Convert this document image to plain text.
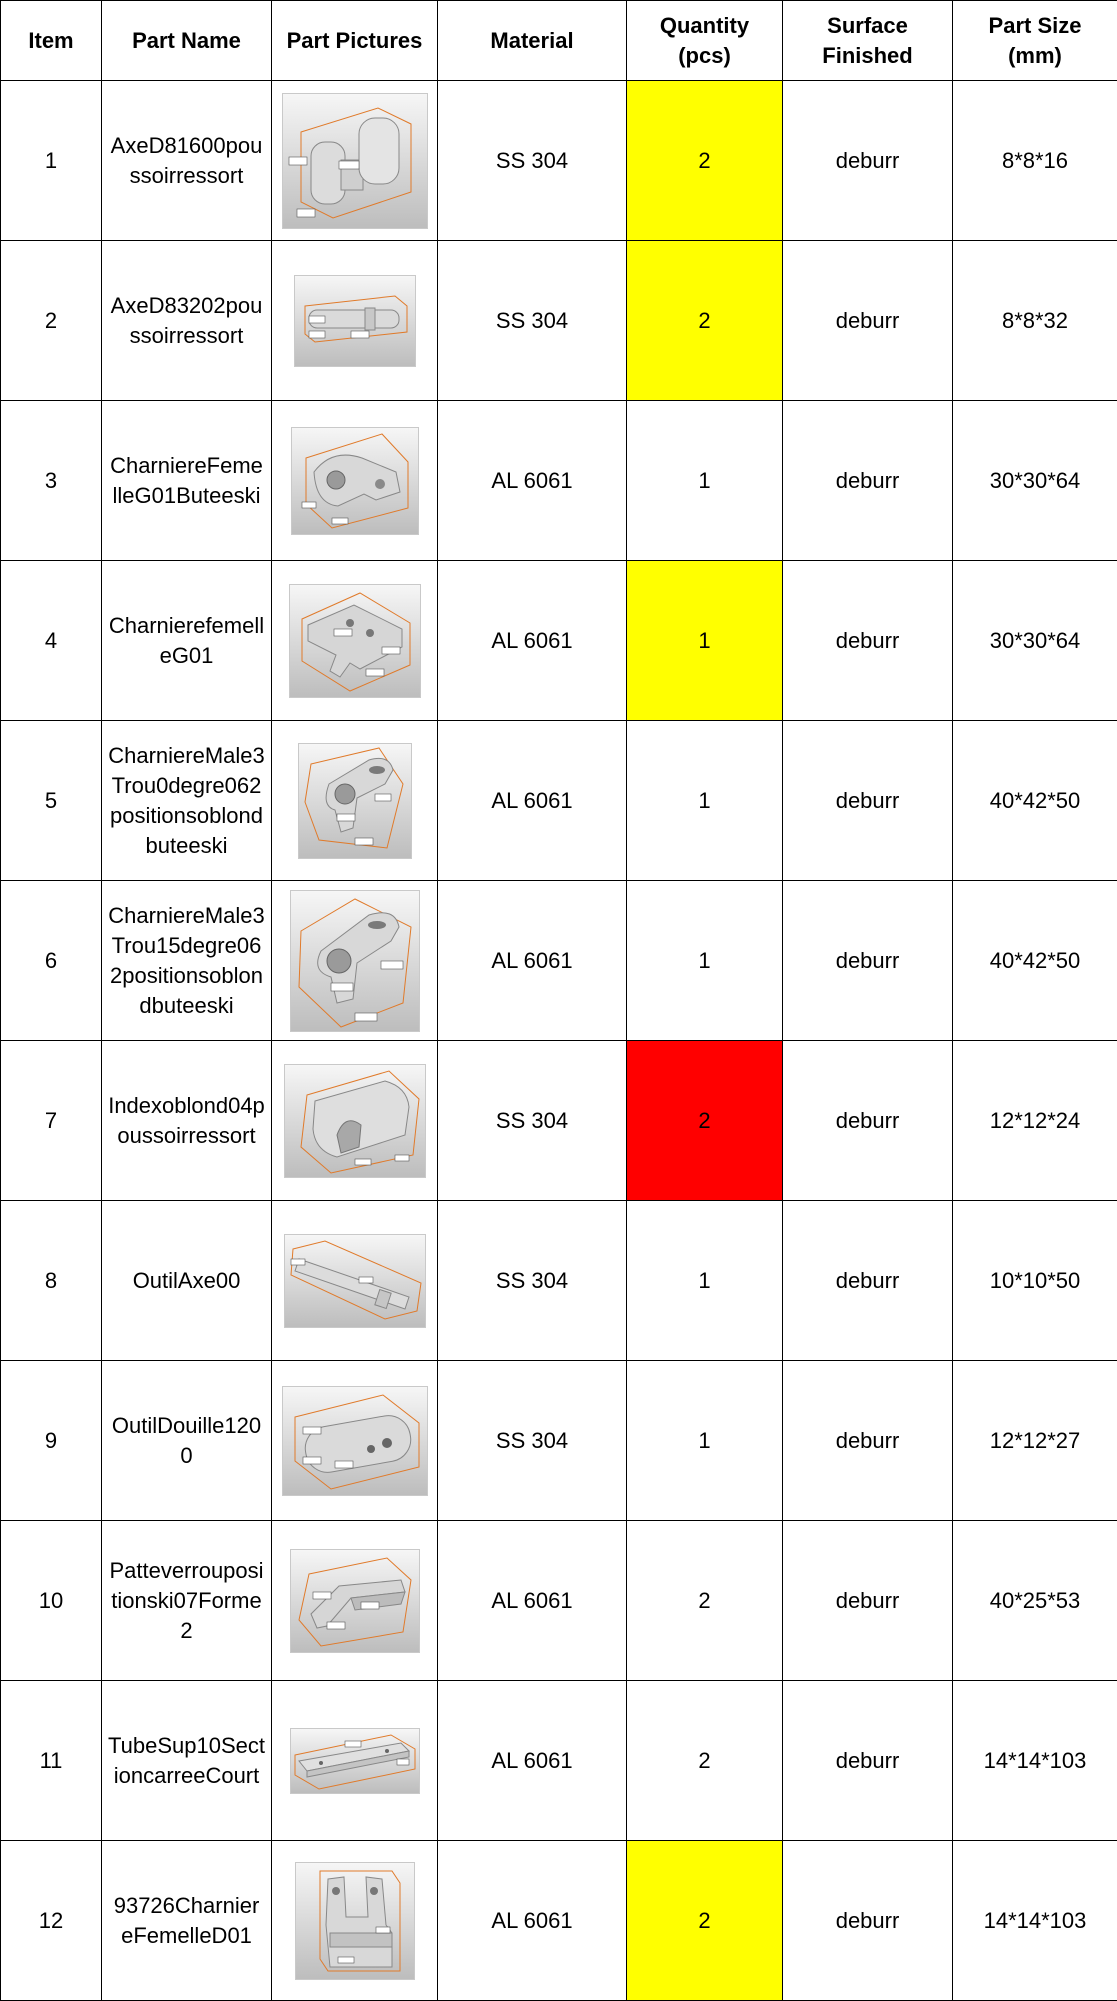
Item	Part Name	Part Pictures	Material	Quantity (pcs)	Surface Finished	Part Size (mm)
1	AxeD81600poussoirressort		SS 304	2	deburr	8*8*16
2	AxeD83202poussoirressort		SS 304	2	deburr	8*8*32
3	CharniereFemelleG01Buteeski		AL 6061	1	deburr	30*30*64
4	CharnierefemelleG01		AL 6061	1	deburr	30*30*64
5	CharniereMale3Trou0degre062positionsoblondbuteeski		AL 6061	1	deburr	40*42*50
6	CharniereMale3Trou15degre062positionsoblondbuteeski		AL 6061	1	deburr	40*42*50
7	Indexoblond04poussoirressort		SS 304	2	deburr	12*12*24
8	OutilAxe00		SS 304	1	deburr	10*10*50
9	OutilDouille1200		SS 304	1	deburr	12*12*27
10	Patteverroupositionski07Forme2		AL 6061	2	deburr	40*25*53
11	TubeSup10SectioncarreeCourt		AL 6061	2	deburr	14*14*103
12	93726CharniereFemelleD01		AL 6061	2	deburr	14*14*103
